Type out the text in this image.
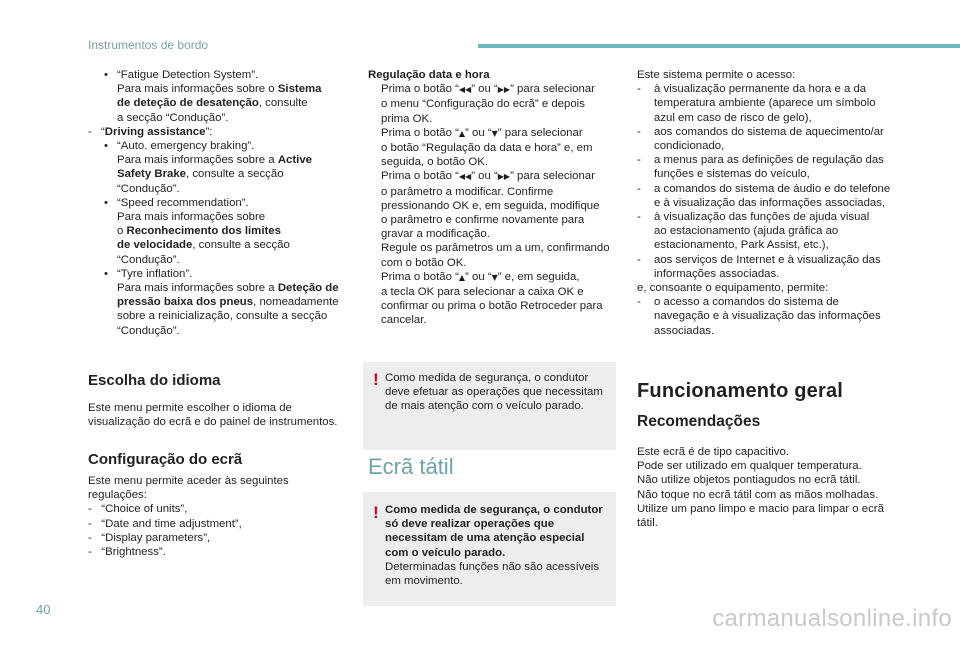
Instrumentos de bordo
• “Fatigue Detection System”.

Para mais informações sobre o Sistema

de deteção de desatenção, consulte

a secção “Condução”.

- “Driving assistance”:
• “Auto. emergency braking”.

Para mais informações sobre a Active

Safety Brake, consulte a secção

“Condução”.

• “Speed recommendation”.

Para mais informações sobre

o Reconhecimento dos limites

de velocidade, consulte a secção

“Condução”.

• “Tyre inflation”.

Para mais informações sobre a Deteção de

pressão baixa dos pneus, nomeadamente

sobre a reinicialização, consulte a secção

“Condução”.

Escolha do idioma

Este menu permite escolher o idioma de

visualização do ecrã e do painel de instrumentos.

Configuração do ecrã

Este menu permite aceder às seguintes

regulações:

- “Choice of units”,

- “Date and time adjustment”,

- “Display parameters”,

- “Brightness”.

Regulação data e hora

Prima o botão “◀◀” ou “▶▶” para selecionar

o menu “Configuração do ecrã” e depois

prima OK.

Prima o botão “▲” ou “▼” para selecionar

o botão “Regulação da data e hora” e, em

seguida, o botão OK.

Prima o botão “◀◀” ou “▶▶” para selecionar

o parâmetro a modificar. Confirme

pressionando OK e, em seguida, modifique

o parâmetro e confirme novamente para

gravar a modificação.

Regule os parâmetros um a um, confirmando

com o botão OK.

Prima o botão “▲” ou “▼” e, em seguida,

a tecla OK para selecionar a caixa OK e

confirmar ou prima o botão Retroceder para

cancelar.

! Como medida de segurança, o condutor

deve efetuar as operações que necessitam

de mais atenção com o veículo parado.

Ecrã tátil
! Como medida de segurança, o condutor

só deve realizar operações que

necessitam de uma atenção especial

com o veículo parado.

Determinadas funções não são acessíveis

em movimento.

Este sistema permite o acesso:

- à visualização permanente da hora e a da

temperatura ambiente (aparece um símbolo

azul em caso de risco de gelo),

- aos comandos do sistema de aquecimento/ar

condicionado,

- a menus para as definições de regulação das

funções e sistemas do veículo,

- a comandos do sistema de áudio e do telefone

e à visualização das informações associadas,

- à visualização das funções de ajuda visual

ao estacionamento (ajuda gráfica ao

estacionamento, Park Assist, etc.),

- aos serviços de Internet e à visualização das

informações associadas.

e, consoante o equipamento, permite:

- o acesso a comandos do sistema de

navegação e à visualização das informações

associadas.

Funcionamento geral
Recomendações

Este ecrã é de tipo capacitivo.

Pode ser utilizado em qualquer temperatura.

Não utilize objetos pontiagudos no ecrã tátil.

Não toque no ecrã tátil com as mãos molhadas.

Utilize um pano limpo e macio para limpar o ecrã

tátil.

40	carmanualsonline.info
